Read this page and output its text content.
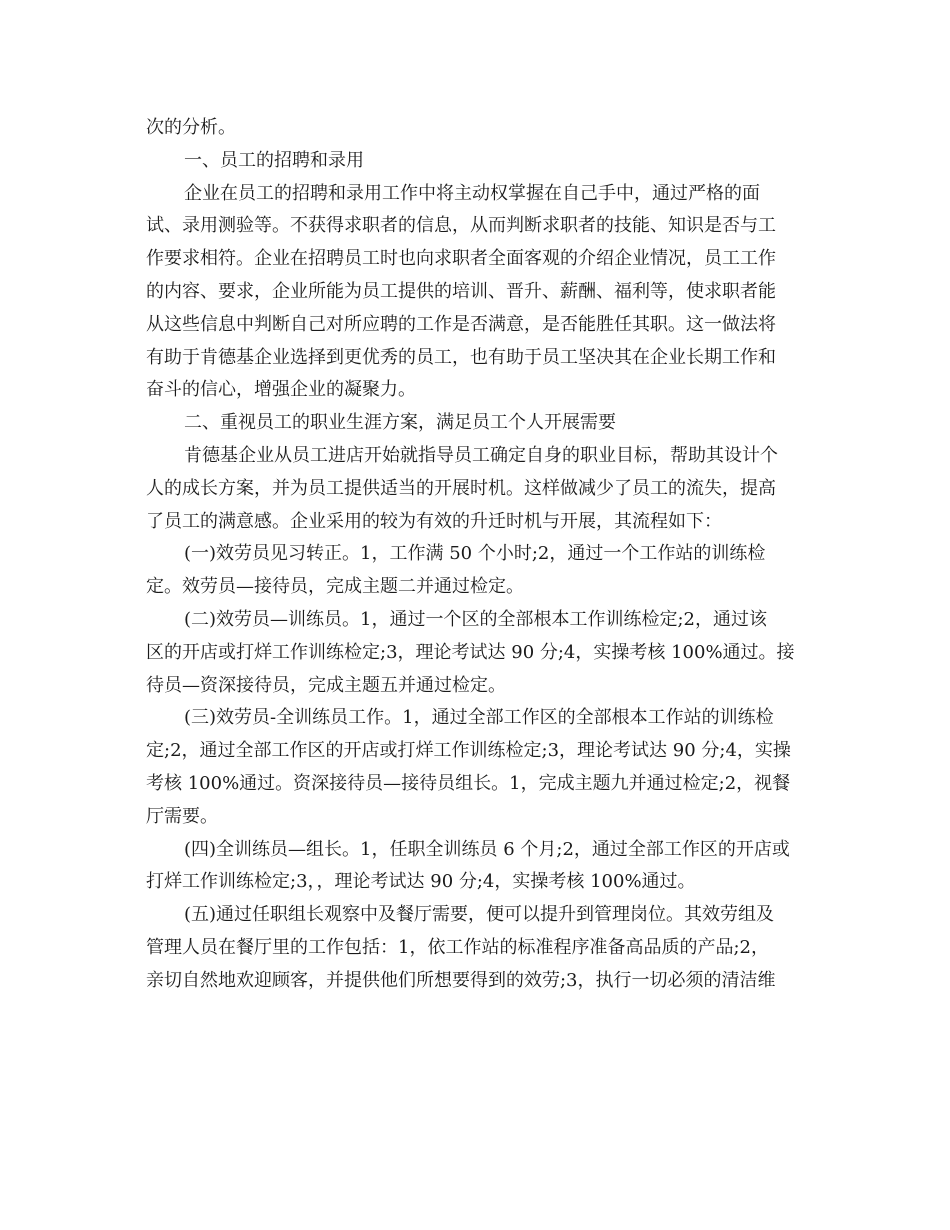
次的分析。
一、员工的招聘和录用
企业在员工的招聘和录用工作中将主动权掌握在自己手中，通过严格的面
试、录用测验等。不获得求职者的信息，从而判断求职者的技能、知识是否与工
作要求相符。企业在招聘员工时也向求职者全面客观的介绍企业情况，员工工作
的内容、要求，企业所能为员工提供的培训、晋升、薪酬、福利等，使求职者能
从这些信息中判断自己对所应聘的工作是否满意，是否能胜任其职。这一做法将
有助于肯德基企业选择到更优秀的员工，也有助于员工坚决其在企业长期工作和
奋斗的信心，增强企业的凝聚力。
二、重视员工的职业生涯方案，满足员工个人开展需要
肯德基企业从员工进店开始就指导员工确定自身的职业目标，帮助其设计个
人的成长方案，并为员工提供适当的开展时机。这样做减少了员工的流失，提高
了员工的满意感。企业采用的较为有效的升迁时机与开展，其流程如下：
(一)效劳员见习转正。1，工作满 50 个小时;2，通过一个工作站的训练检
定。效劳员—接待员，完成主题二并通过检定。
(二)效劳员—训练员。1，通过一个区的全部根本工作训练检定;2，通过该
区的开店或打烊工作训练检定;3，理论考试达 90 分;4，实操考核 100%通过。接
待员—资深接待员，完成主题五并通过检定。
(三)效劳员-全训练员工作。1，通过全部工作区的全部根本工作站的训练检
定;2，通过全部工作区的开店或打烊工作训练检定;3，理论考试达 90 分;4，实操
考核 100%通过。资深接待员—接待员组长。1，完成主题九并通过检定;2，视餐
厅需要。
(四)全训练员—组长。1，任职全训练员 6 个月;2，通过全部工作区的开店或
打烊工作训练检定;3，，理论考试达 90 分;4，实操考核 100%通过。
(五)通过任职组长观察中及餐厅需要，便可以提升到管理岗位。其效劳组及
管理人员在餐厅里的工作包括：1，依工作站的标准程序准备高品质的产品;2，
亲切自然地欢迎顾客，并提供他们所想要得到的效劳;3，执行一切必须的清洁维
